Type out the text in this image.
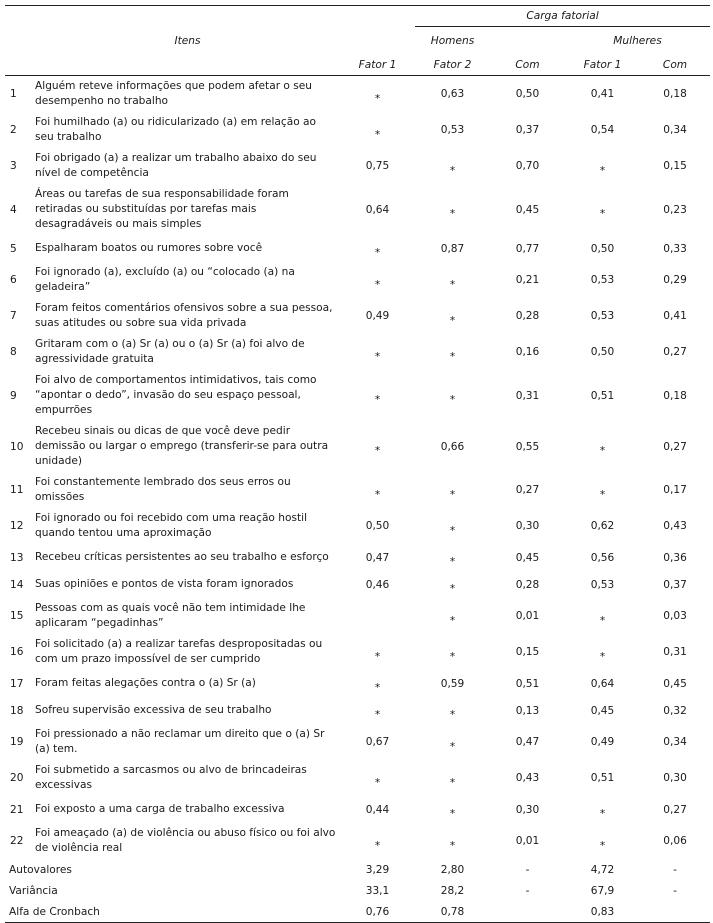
			Carga fatorial			
	Itens		Homens		Mulheres	
		Fator 1	Fator 2	Com	Fator 1	Com
1	Alguém reteve informações que podem afetar o seu desempenho no trabalho	*	0,63	0,50	0,41	0,18
2	Foi humilhado (a) ou ridicularizado (a) em relação ao seu trabalho	*	0,53	0,37	0,54	0,34
3	Foi obrigado (a) a realizar um trabalho abaixo do seu nível de competência	0,75	*	0,70	*	0,15
4	Áreas ou tarefas de sua responsabilidade foram retiradas ou substituídas por tarefas mais desagradáveis ou mais simples	0,64	*	0,45	*	0,23
5	Espalharam boatos ou rumores sobre você	*	0,87	0,77	0,50	0,33
6	Foi ignorado (a), excluído (a) ou “colocado (a) na geladeira”	*	*	0,21	0,53	0,29
7	Foram feitos comentários ofensivos sobre a sua pessoa, suas atitudes ou sobre sua vida privada	0,49	*	0,28	0,53	0,41
8	Gritaram com o (a) Sr (a) ou o (a) Sr (a) foi alvo de agressividade gratuita	*	*	0,16	0,50	0,27
9	Foi alvo de comportamentos intimidativos, tais como “apontar o dedo”, invasão do seu espaço pessoal, empurrões	*	*	0,31	0,51	0,18
10	Recebeu sinais ou dicas de que você deve pedir demissão ou largar o emprego (transferir-se para outra unidade)	*	0,66	0,55	*	0,27
11	Foi constantemente lembrado dos seus erros ou omissões	*	*	0,27	*	0,17
12	Foi ignorado ou foi recebido com uma reação hostil quando tentou uma aproximação	0,50	*	0,30	0,62	0,43
13	Recebeu críticas persistentes ao seu trabalho e esforço	0,47	*	0,45	0,56	0,36
14	Suas opiniões e pontos de vista foram ignorados	0,46	*	0,28	0,53	0,37
15	Pessoas com as quais você não tem intimidade lhe aplicaram “pegadinhas”		*	0,01	*	0,03
16	Foi solicitado (a) a realizar tarefas despropositadas ou com um prazo impossível de ser cumprido	*	*	0,15	*	0,31
17	Foram feitas alegações contra o (a) Sr (a)	*	0,59	0,51	0,64	0,45
18	Sofreu supervisão excessiva de seu trabalho	*	*	0,13	0,45	0,32
19	Foi pressionado a não reclamar um direito que o (a) Sr (a) tem.	0,67	*	0,47	0,49	0,34
20	Foi submetido a sarcasmos ou alvo de brincadeiras excessivas	*	*	0,43	0,51	0,30
21	Foi exposto a uma carga de trabalho excessiva	0,44	*	0,30	*	0,27
22	Foi ameaçado (a) de violência ou abuso físico ou foi alvo de violência real	*	*	0,01	*	0,06
Autovalores		3,29	2,80	-	4,72	-
Variância		33,1	28,2	-	67,9	-
Alfa de Cronbach		0,76	0,78		0,83	
